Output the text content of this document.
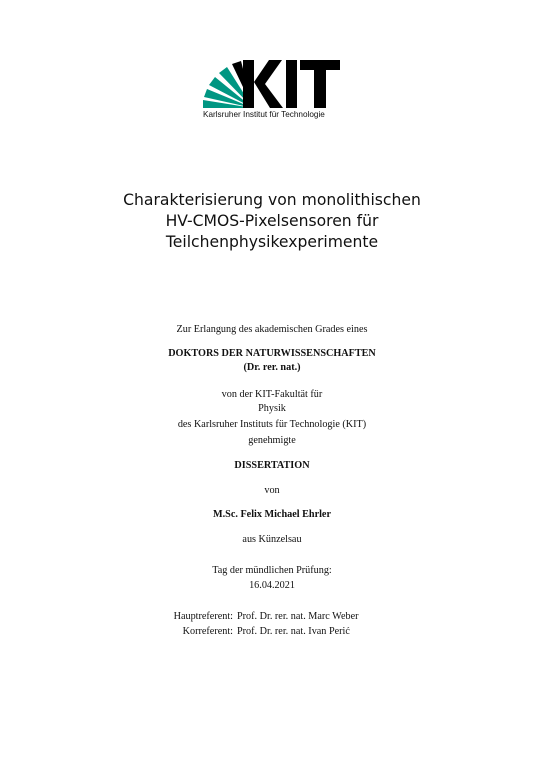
Karlsruher Institut für Technologie
Charakterisierung von monolithischen
HV-CMOS-Pixelsensoren für
Teilchenphysikexperimente
Zur Erlangung des akademischen Grades eines
DOKTORS DER NATURWISSENSCHAFTEN
(Dr. rer. nat.)
von der KIT-Fakultät für
Physik
des Karlsruher Instituts für Technologie (KIT)
genehmigte
DISSERTATION
von
M.Sc. Felix Michael Ehrler
aus Künzelsau
Tag der mündlichen Prüfung:
16.04.2021
Hauptreferent: Prof. Dr. rer. nat. Marc Weber
Korreferent: Prof. Dr. rer. nat. Ivan Perić
